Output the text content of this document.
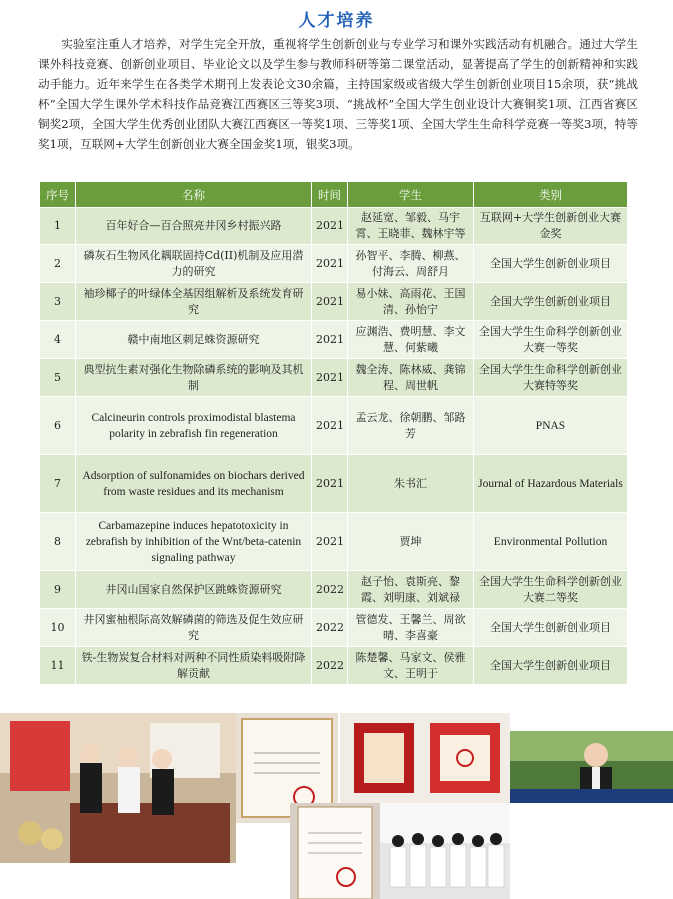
人才培养

实验室注重人才培养，对学生完全开放，重视将学生创新创业与专业学习和课外实践活动有机融合。通过大学生课外科技竞赛、创新创业项目、毕业论文以及学生参与教师科研等第二课堂活动，显著提高了学生的创新精神和实践动手能力。近年来学生在各类学术期刊上发表论文30余篇，主持国家级或省级大学生创新创业项目15余项，获“挑战杯”全国大学生课外学术科技作品竞赛江西赛区三等奖3项、“挑战杯”全国大学生创业设计大赛铜奖1项、江西省赛区铜奖2项，全国大学生优秀创业团队大赛江西赛区一等奖1项、三等奖1项、全国大学生生命科学竞赛一等奖3项，特等奖1项，互联网+大学生创新创业大赛全国金奖1项，银奖3项。

序号	名称	时间	学生	类别
1	百年好合—百合照亮井冈乡村振兴路	2021	赵延宽、邹毅、马宇霄、王晓菲、魏林宇等	互联网+大学生创新创业大赛金奖
2	磷灰石生物风化耦联固持Cd(II)机制及应用潜力的研究	2021	孙智平、李腾、柳燕、付海云、周舒月	全国大学生创新创业项目
3	袖珍椰子的叶绿体全基因组解析及系统发育研究	2021	易小妹、高雨花、王国清、孙怡宁	全国大学生创新创业项目
4	赣中南地区刺足蛛资源研究	2021	应渊浩、费明慧、李文慧、何紫曦	全国大学生生命科学创新创业大赛一等奖
5	典型抗生素对强化生物除磷系统的影响及其机制	2021	魏全涛、陈林威、龚锦程、周世帆	全国大学生生命科学创新创业大赛特等奖
6	Calcineurin controls proximodistal blastema polarity in zebrafish fin regeneration	2021	孟云龙、徐朝鹏、邹路芳	PNAS
7	Adsorption of sulfonamides on biochars derived from waste residues and its mechanism	2021	朱书汇	Journal of Hazardous Materials
8	Carbamazepine induces hepatotoxicity in zebrafish by inhibition of the Wnt/beta-catenin signaling pathway	2021	贾坤	Environmental Pollution
9	井冈山国家自然保护区跳蛛资源研究	2022	赵子怡、袁斯亮、黎霞、刘明康、刘斌禄	全国大学生生命科学创新创业大赛二等奖
10	井冈蜜柚根际高效解磷菌的筛选及促生效应研究	2022	管德发、王馨兰、周欲晴、李喜豪	全国大学生创新创业项目
11	铁-生物炭复合材料对两种不同性质染料吸附降解贡献	2022	陈楚馨、马家文、侯雅文、王明于	全国大学生创新创业项目
